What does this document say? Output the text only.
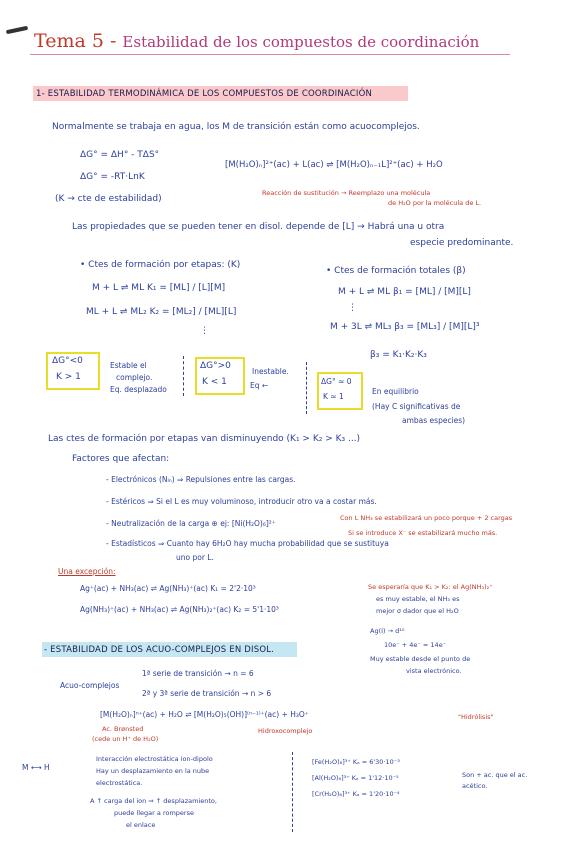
Tema 5 - Estabilidad de los compuestos de coordinación
1- ESTABILIDAD TERMODINÁMICA DE LOS COMPUESTOS DE COORDINACIÓN
Normalmente se trabaja en agua, los M de transición están como acuocomplejos.
ΔG° = ΔH° - TΔS°
ΔG° = -RT·LnK
(K → cte de estabilidad)
[M(H₂O)ₙ]²⁺(ac) + L(ac) ⇌ [M(H₂O)ₙ₋₁L]²⁺(ac) + H₂O
Reacción de sustitución → Reemplazo una molécula
de H₂O por la molécula de L.
Las propiedades que se pueden tener en disol. depende de [L] → Habrá una u otra
especie predominante.
• Ctes de formación por etapas: (K)
M + L ⇌ ML K₁ = [ML] / [L][M]
ML + L ⇌ ML₂ K₂ = [ML₂] / [ML][L]
⋮
• Ctes de formación totales (β)
M + L ⇌ ML β₁ = [ML] / [M][L]
⋮
M + 3L ⇌ ML₃ β₃ = [ML₃] / [M][L]³
β₃ = K₁·K₂·K₃
ΔG°<0
K > 1
Estable el
complejo.
Eq. desplazado
ΔG°>0
K < 1
Inestable.
Eq ←	ΔG° ≈ 0
K ≈ 1
En equilibrio
(Hay C significativas de
ambas especies)
Las ctes de formación por etapas van disminuyendo (K₁ > K₂ > K₃ ...)
Factores que afectan:
- Electrónicos (Nₗₙ) ⇒ Repulsiones entre las cargas.
- Estéricos ⇒ Si el L es muy voluminoso, introducir otro va a costar más.
- Neutralización de la carga ⊕ ej: [Ni(H₂O)₆]²⁺
Con L NH₃ se estabilizará un poco porque + 2 cargas
Si se introduce X⁻ se estabilizará mucho más.
- Estadísticos ⇒ Cuanto hay 6H₂O hay mucha probabilidad que se sustituya
uno por L.
Una excepción:
Ag⁺(ac) + NH₃(ac) ⇌ Ag(NH₃)⁺(ac) K₁ = 2'2·10³
Ag(NH₃)⁺(ac) + NH₃(ac) ⇌ Ag(NH₃)₂⁺(ac) K₂ = 5'1·10³
Se esperaría que K₁ > K₂: el Ag(NH₃)₂⁺
es muy estable, el NH₃ es
mejor σ dador que el H₂O
Ag(I) → d¹⁰
10e⁻ + 4e⁻ = 14e⁻
Muy estable desde el punto de
vista electrónico.
- ESTABILIDAD DE LOS ACUO-COMPLEJOS EN DISOL.
Acuo-complejos
1ª serie de transición → n = 6
2ª y 3ª serie de transición → n > 6
[M(H₂O)ₙ]ⁿ⁺(ac) + H₂O ⇌ [M(H₂O)₅(OH)]⁽ⁿ⁻¹⁾⁺(ac) + H₃O⁺	"Hidrólisis"
Ac. Brønsted
(cede un H⁺ de H₂O)
Hidroxocomplejo
M ⟷ H
Interacción electrostática ion-dipolo
Hay un desplazamiento en la nube
electrostática.
A ↑ carga del ion ⇒ ↑ desplazamiento,
puede llegar a romperse
el enlace
[Fe(H₂O)₆]³⁺ Kₐ = 6'30·10⁻³
[Al(H₂O)₆]³⁺ Kₐ = 1'12·10⁻⁵
[Cr(H₂O)₆]³⁺ Kₐ = 1'20·10⁻⁴
Son + ac. que el ac. acético.
